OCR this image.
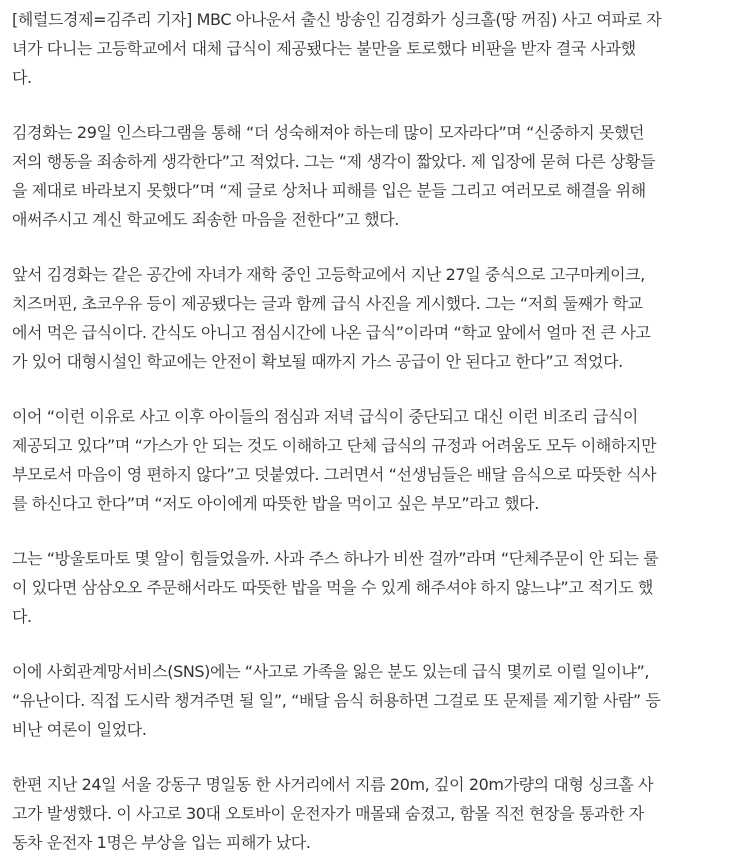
[헤럴드경제=김주리 기자] MBC 아나운서 출신 방송인 김경화가 싱크홀(땅 꺼짐) 사고 여파로 자
녀가 다니는 고등학교에서 대체 급식이 제공됐다는 불만을 토로했다 비판을 받자 결국 사과했
다.

김경화는 29일 인스타그램을 통해 “더 성숙해져야 하는데 많이 모자라다”며 “신중하지 못했던
저의 행동을 죄송하게 생각한다”고 적었다. 그는 “제 생각이 짧았다. 제 입장에 묻혀 다른 상황들
을 제대로 바라보지 못했다”며 “제 글로 상처나 피해를 입은 분들 그리고 여러모로 해결을 위해
애써주시고 계신 학교에도 죄송한 마음을 전한다”고 했다.

앞서 김경화는 같은 공간에 자녀가 재학 중인 고등학교에서 지난 27일 중식으로 고구마케이크,
치즈머핀, 초코우유 등이 제공됐다는 글과 함께 급식 사진을 게시했다. 그는 “저희 둘째가 학교
에서 먹은 급식이다. 간식도 아니고 점심시간에 나온 급식”이라며 “학교 앞에서 얼마 전 큰 사고
가 있어 대형시설인 학교에는 안전이 확보될 때까지 가스 공급이 안 된다고 한다”고 적었다.

이어 “이런 이유로 사고 이후 아이들의 점심과 저녁 급식이 중단되고 대신 이런 비조리 급식이
제공되고 있다”며 “가스가 안 되는 것도 이해하고 단체 급식의 규정과 어려움도 모두 이해하지만
부모로서 마음이 영 편하지 않다”고 덧붙였다. 그러면서 “선생님들은 배달 음식으로 따뜻한 식사
를 하신다고 한다”며 “저도 아이에게 따뜻한 밥을 먹이고 싶은 부모”라고 했다.

그는 “방울토마토 몇 알이 힘들었을까. 사과 주스 하나가 비싼 걸까”라며 “단체주문이 안 되는 룰
이 있다면 삼삼오오 주문해서라도 따뜻한 밥을 먹을 수 있게 해주셔야 하지 않느냐”고 적기도 했
다.

이에 사회관계망서비스(SNS)에는 “사고로 가족을 잃은 분도 있는데 급식 몇끼로 이럴 일이냐”,
“유난이다. 직접 도시락 챙겨주면 될 일”, “배달 음식 허용하면 그걸로 또 문제를 제기할 사람” 등
비난 여론이 일었다.

한편 지난 24일 서울 강동구 명일동 한 사거리에서 지름 20m, 깊이 20m가량의 대형 싱크홀 사
고가 발생했다. 이 사고로 30대 오토바이 운전자가 매몰돼 숨졌고, 함몰 직전 현장을 통과한 자
동차 운전자 1명은 부상을 입는 피해가 났다.
